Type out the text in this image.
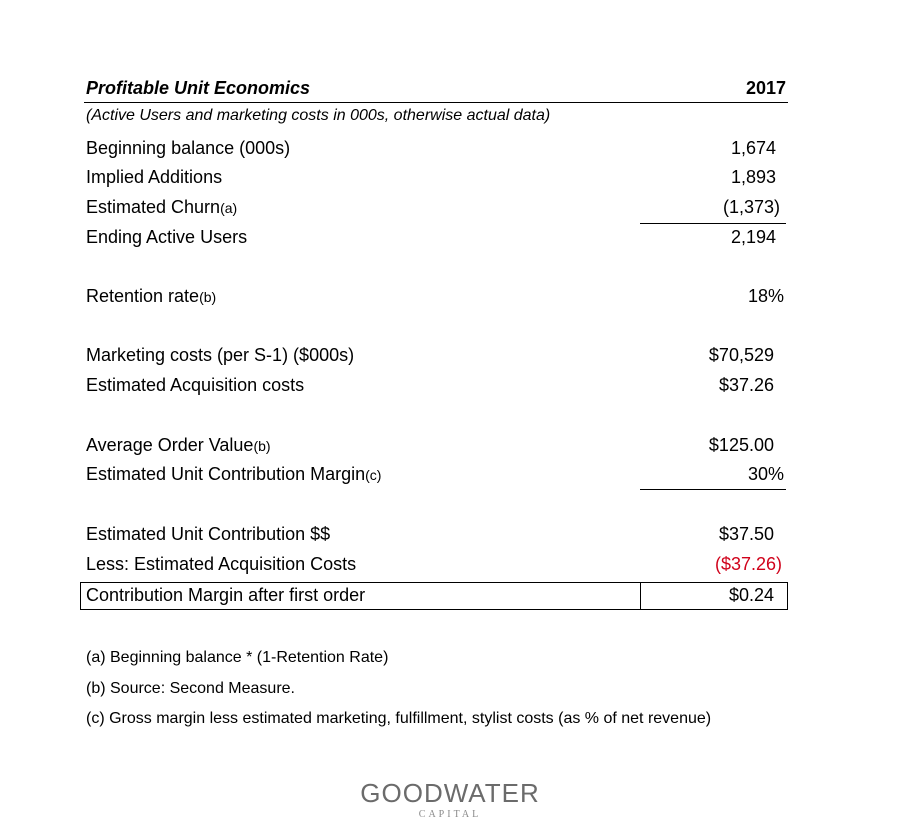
Profitable Unit Economics	2017
(Active Users and marketing costs in 000s, otherwise actual data)
Beginning balance (000s)	1,674
Implied Additions	1,893
Estimated Churn(a)	(1,373)
Ending Active Users	2,194
Retention rate(b)	18%
Marketing costs (per S-1) ($000s)	$70,529
Estimated Acquisition costs	$37.26
Average Order Value(b)	$125.00
Estimated Unit Contribution Margin(c)	30%
Estimated Unit Contribution $$	$37.50
Less: Estimated Acquisition Costs	($37.26)
Contribution Margin after first order	$0.24
(a) Beginning balance * (1-Retention Rate)
(b) Source: Second Measure.
(c) Gross margin less estimated marketing, fulfillment, stylist costs (as % of net revenue)
GOODWATER
CAPITAL
